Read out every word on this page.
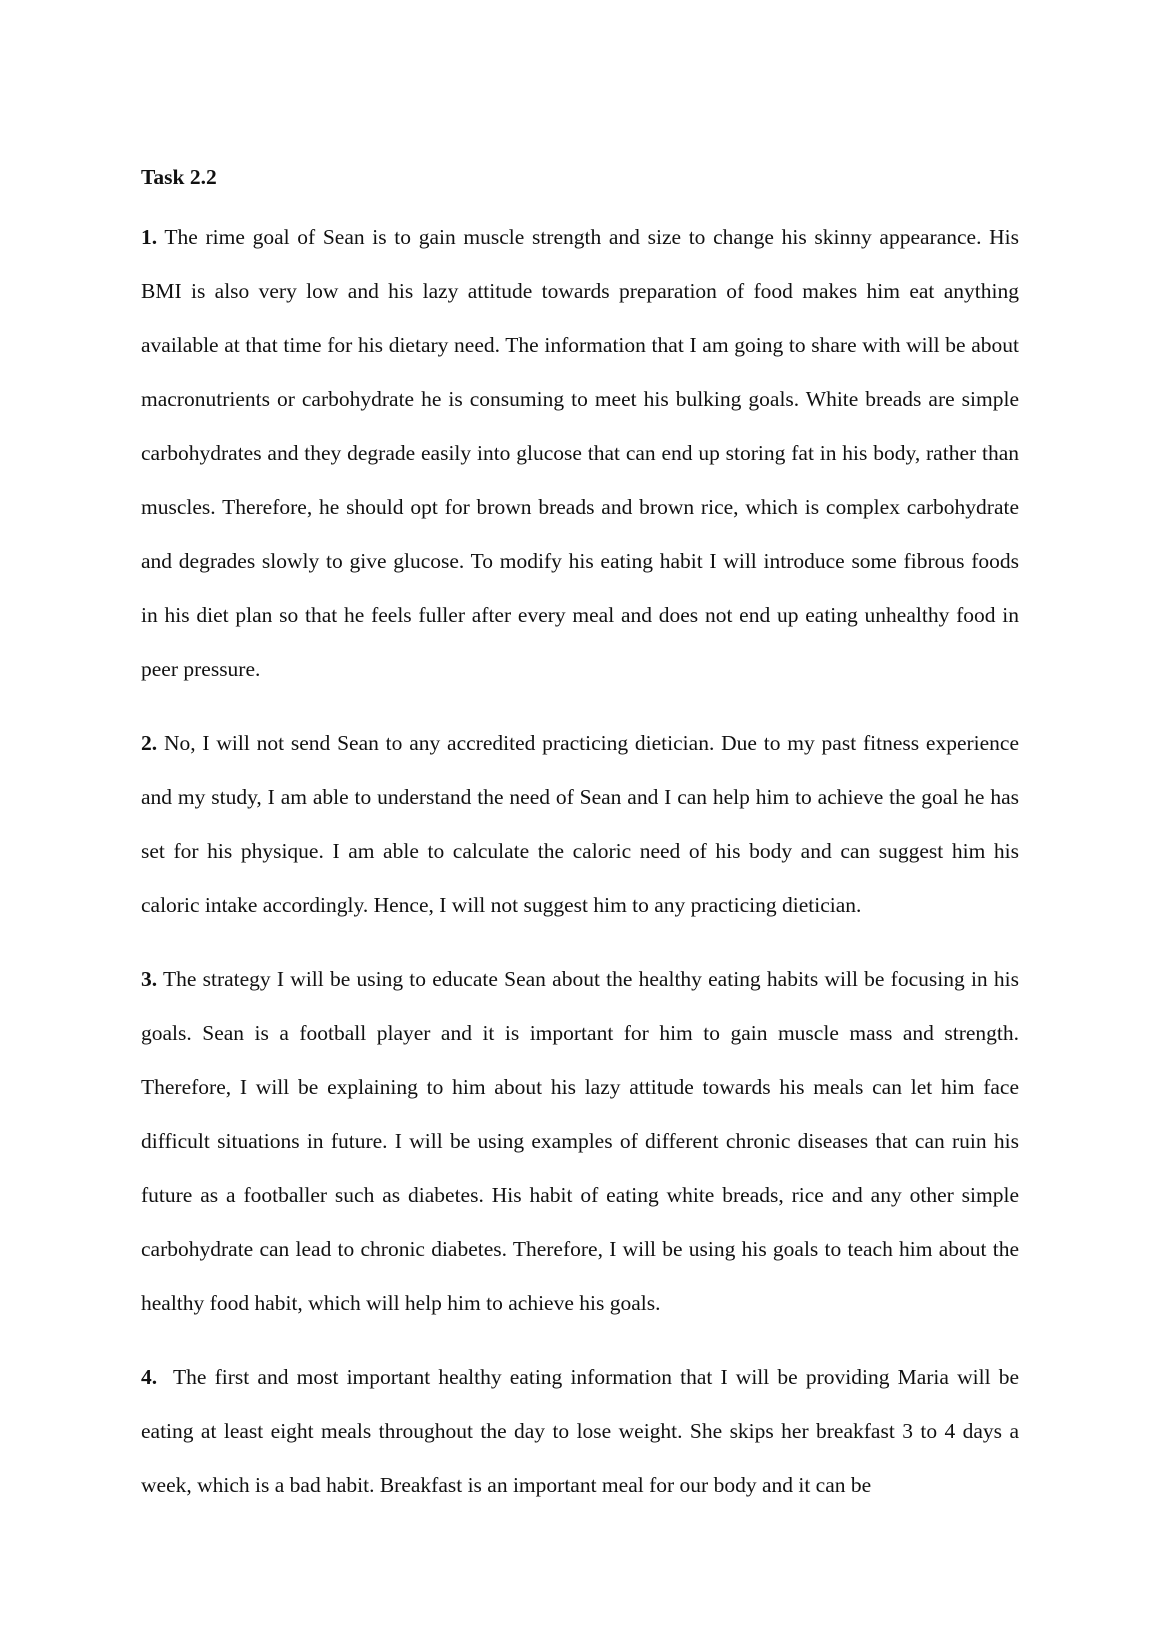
Task 2.2

1. The rime goal of Sean is to gain muscle strength and size to change his skinny appearance. His BMI is also very low and his lazy attitude towards preparation of food makes him eat anything available at that time for his dietary need. The information that I am going to share with will be about macronutrients or carbohydrate he is consuming to meet his bulking goals. White breads are simple carbohydrates and they degrade easily into glucose that can end up storing fat in his body, rather than muscles. Therefore, he should opt for brown breads and brown rice, which is complex carbohydrate and degrades slowly to give glucose. To modify his eating habit I will introduce some fibrous foods in his diet plan so that he feels fuller after every meal and does not end up eating unhealthy food in peer pressure.

2. No, I will not send Sean to any accredited practicing dietician. Due to my past fitness experience and my study, I am able to understand the need of Sean and I can help him to achieve the goal he has set for his physique. I am able to calculate the caloric need of his body and can suggest him his caloric intake accordingly. Hence, I will not suggest him to any practicing dietician.

3. The strategy I will be using to educate Sean about the healthy eating habits will be focusing in his goals. Sean is a football player and it is important for him to gain muscle mass and strength. Therefore, I will be explaining to him about his lazy attitude towards his meals can let him face difficult situations in future. I will be using examples of different chronic diseases that can ruin his future as a footballer such as diabetes. His habit of eating white breads, rice and any other simple carbohydrate can lead to chronic diabetes. Therefore, I will be using his goals to teach him about the healthy food habit, which will help him to achieve his goals.

4. The first and most important healthy eating information that I will be providing Maria will be eating at least eight meals throughout the day to lose weight. She skips her breakfast 3 to 4 days a week, which is a bad habit. Breakfast is an important meal for our body and it can be
